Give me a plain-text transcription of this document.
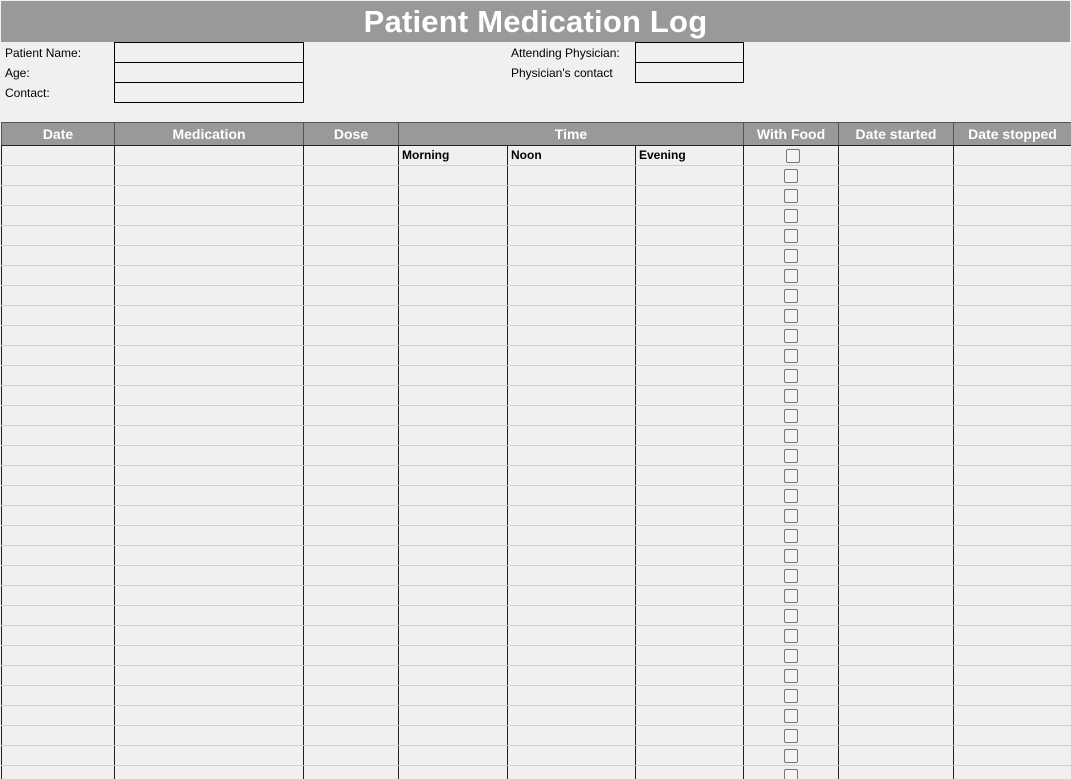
Patient Medication Log
Patient Name:
Age:
Contact:
Attending Physician:
Physician's contact
Date	Medication	Dose	Time			With Food	Date started	Date stopped
			Morning	Noon	Evening			
